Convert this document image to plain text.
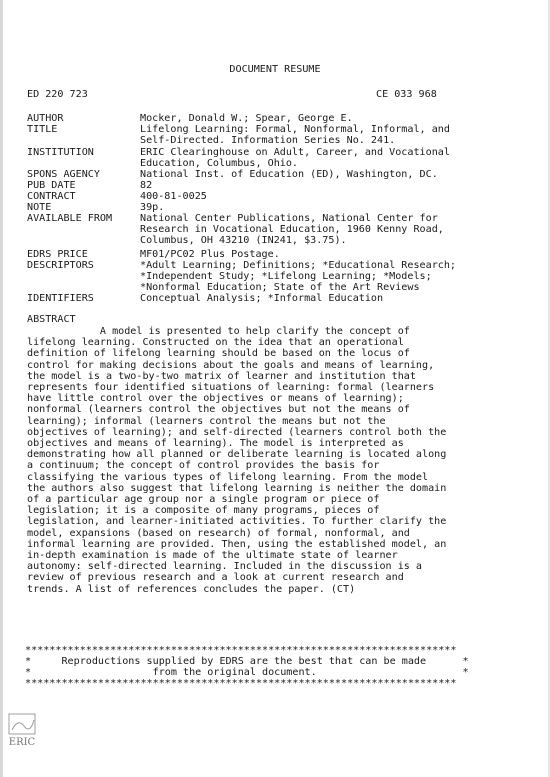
DOCUMENT RESUME
ED 220 723	CE 033 968
AUTHOR	Mocker, Donald W.; Spear, George E.
TITLE	Lifelong Learning: Formal, Nonformal, Informal, and
Self-Directed. Information Series No. 241.
INSTITUTION	ERIC Clearinghouse on Adult, Career, and Vocational
Education, Columbus, Ohio.
SPONS AGENCY	National Inst. of Education (ED), Washington, DC.
PUB DATE	82
CONTRACT	400-81-0025
NOTE	39p.
AVAILABLE FROM	National Center Publications, National Center for
Research in Vocational Education, 1960 Kenny Road,
Columbus, OH 43210 (IN241, $3.75).
EDRS PRICE	MF01/PC02 Plus Postage.
DESCRIPTORS	*Adult Learning; Definitions; *Educational Research;
*Independent Study; *Lifelong Learning; *Models;
*Nonformal Education; State of the Art Reviews
IDENTIFIERS	Conceptual Analysis; *Informal Education
ABSTRACT
A model is presented to help clarify the concept of
lifelong learning. Constructed on the idea that an operational
definition of lifelong learning should be based on the locus of
control for making decisions about the goals and means of learning,
the model is a two-by-two matrix of learner and institution that
represents four identified situations of learning: formal (learners
have little control over the objectives or means of learning);
nonformal (learners control the objectives but not the means of
learning); informal (learners control the means but not the
objectives of learning); and self-directed (learners control both the
objectives and means of learning). The model is interpreted as
demonstrating how all planned or deliberate learning is located along
a continuum; the concept of control provides the basis for
classifying the various types of lifelong learning. From the model
the authors also suggest that lifelong learning is neither the domain
of a particular age group nor a single program or piece of
legislation; it is a composite of many programs, pieces of
legislation, and learner-initiated activities. To further clarify the
model, expansions (based on research) of formal, nonformal, and
informal learning are provided. Then, using the established model, an
in-depth examination is made of the ultimate state of learner
autonomy: self-directed learning. Included in the discussion is a
review of previous research and a look at current research and
trends. A list of references concludes the paper. (CT)
***********************************************************************
*     Reproductions supplied by EDRS are the best that can be made      *
*                    from the original document.                        *
***********************************************************************
ERIC
